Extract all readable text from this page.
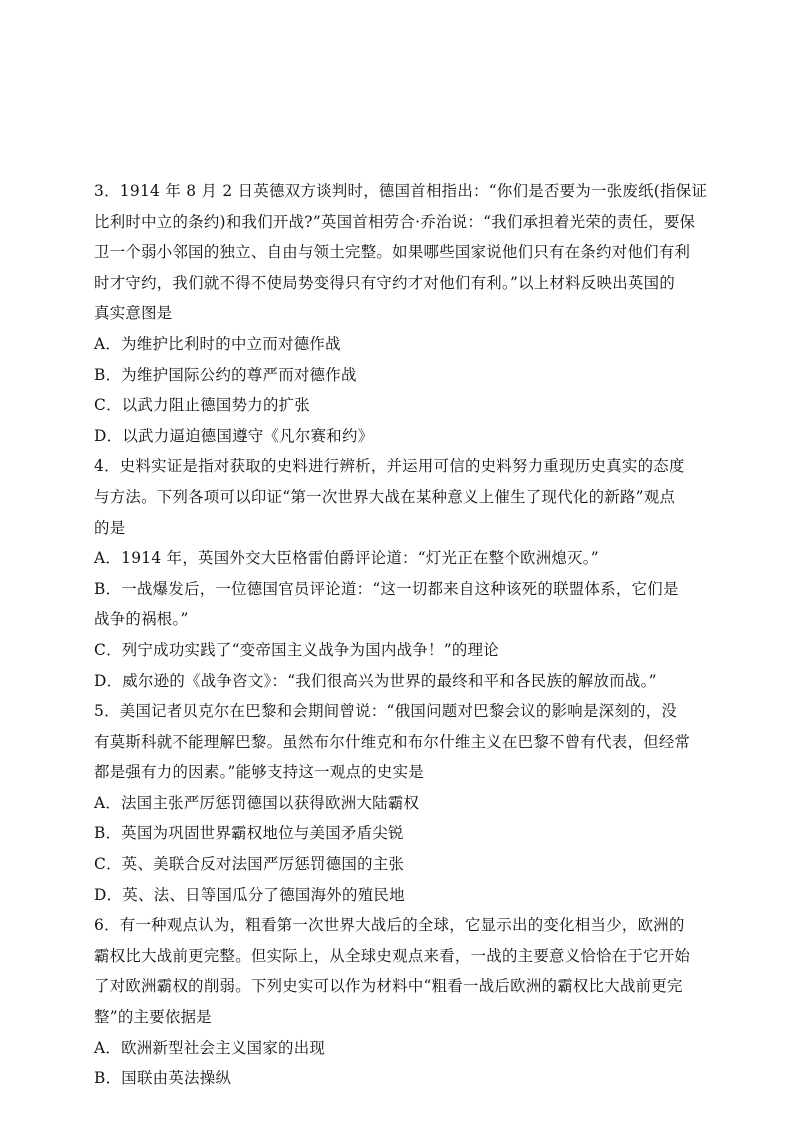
3．1914 年 8 月 2 日英德双方谈判时，德国首相指出：“你们是否要为一张废纸(指保证
比利时中立的条约)和我们开战?”英国首相劳合·乔治说：“我们承担着光荣的责任，要保
卫一个弱小邻国的独立、自由与领土完整。如果哪些国家说他们只有在条约对他们有利
时才守约，我们就不得不使局势变得只有守约才对他们有利。”以上材料反映出英国的
真实意图是
A．为维护比利时的中立而对德作战
B．为维护国际公约的尊严而对德作战
C．以武力阻止德国势力的扩张
D．以武力逼迫德国遵守《凡尔赛和约》
4．史料实证是指对获取的史料进行辨析，并运用可信的史料努力重现历史真实的态度
与方法。下列各项可以印证“第一次世界大战在某种意义上催生了现代化的新路”观点
的是
A．1914 年，英国外交大臣格雷伯爵评论道：“灯光正在整个欧洲熄灭。”
B．一战爆发后，一位德国官员评论道：“这一切都来自这种该死的联盟体系，它们是
战争的祸根。”
C．列宁成功实践了“变帝国主义战争为国内战争！”的理论
D．威尔逊的《战争咨文》：“我们很高兴为世界的最终和平和各民族的解放而战。”
5．美国记者贝克尔在巴黎和会期间曾说：“俄国问题对巴黎会议的影响是深刻的，没
有莫斯科就不能理解巴黎。虽然布尔什维克和布尔什维主义在巴黎不曾有代表，但经常
都是强有力的因素。”能够支持这一观点的史实是
A．法国主张严厉惩罚德国以获得欧洲大陆霸权
B．英国为巩固世界霸权地位与美国矛盾尖锐
C．英、美联合反对法国严厉惩罚德国的主张
D．英、法、日等国瓜分了德国海外的殖民地
6．有一种观点认为，粗看第一次世界大战后的全球，它显示出的变化相当少，欧洲的
霸权比大战前更完整。但实际上，从全球史观点来看，一战的主要意义恰恰在于它开始
了对欧洲霸权的削弱。下列史实可以作为材料中“粗看一战后欧洲的霸权比大战前更完
整”的主要依据是
A．欧洲新型社会主义国家的出现
B．国联由英法操纵
